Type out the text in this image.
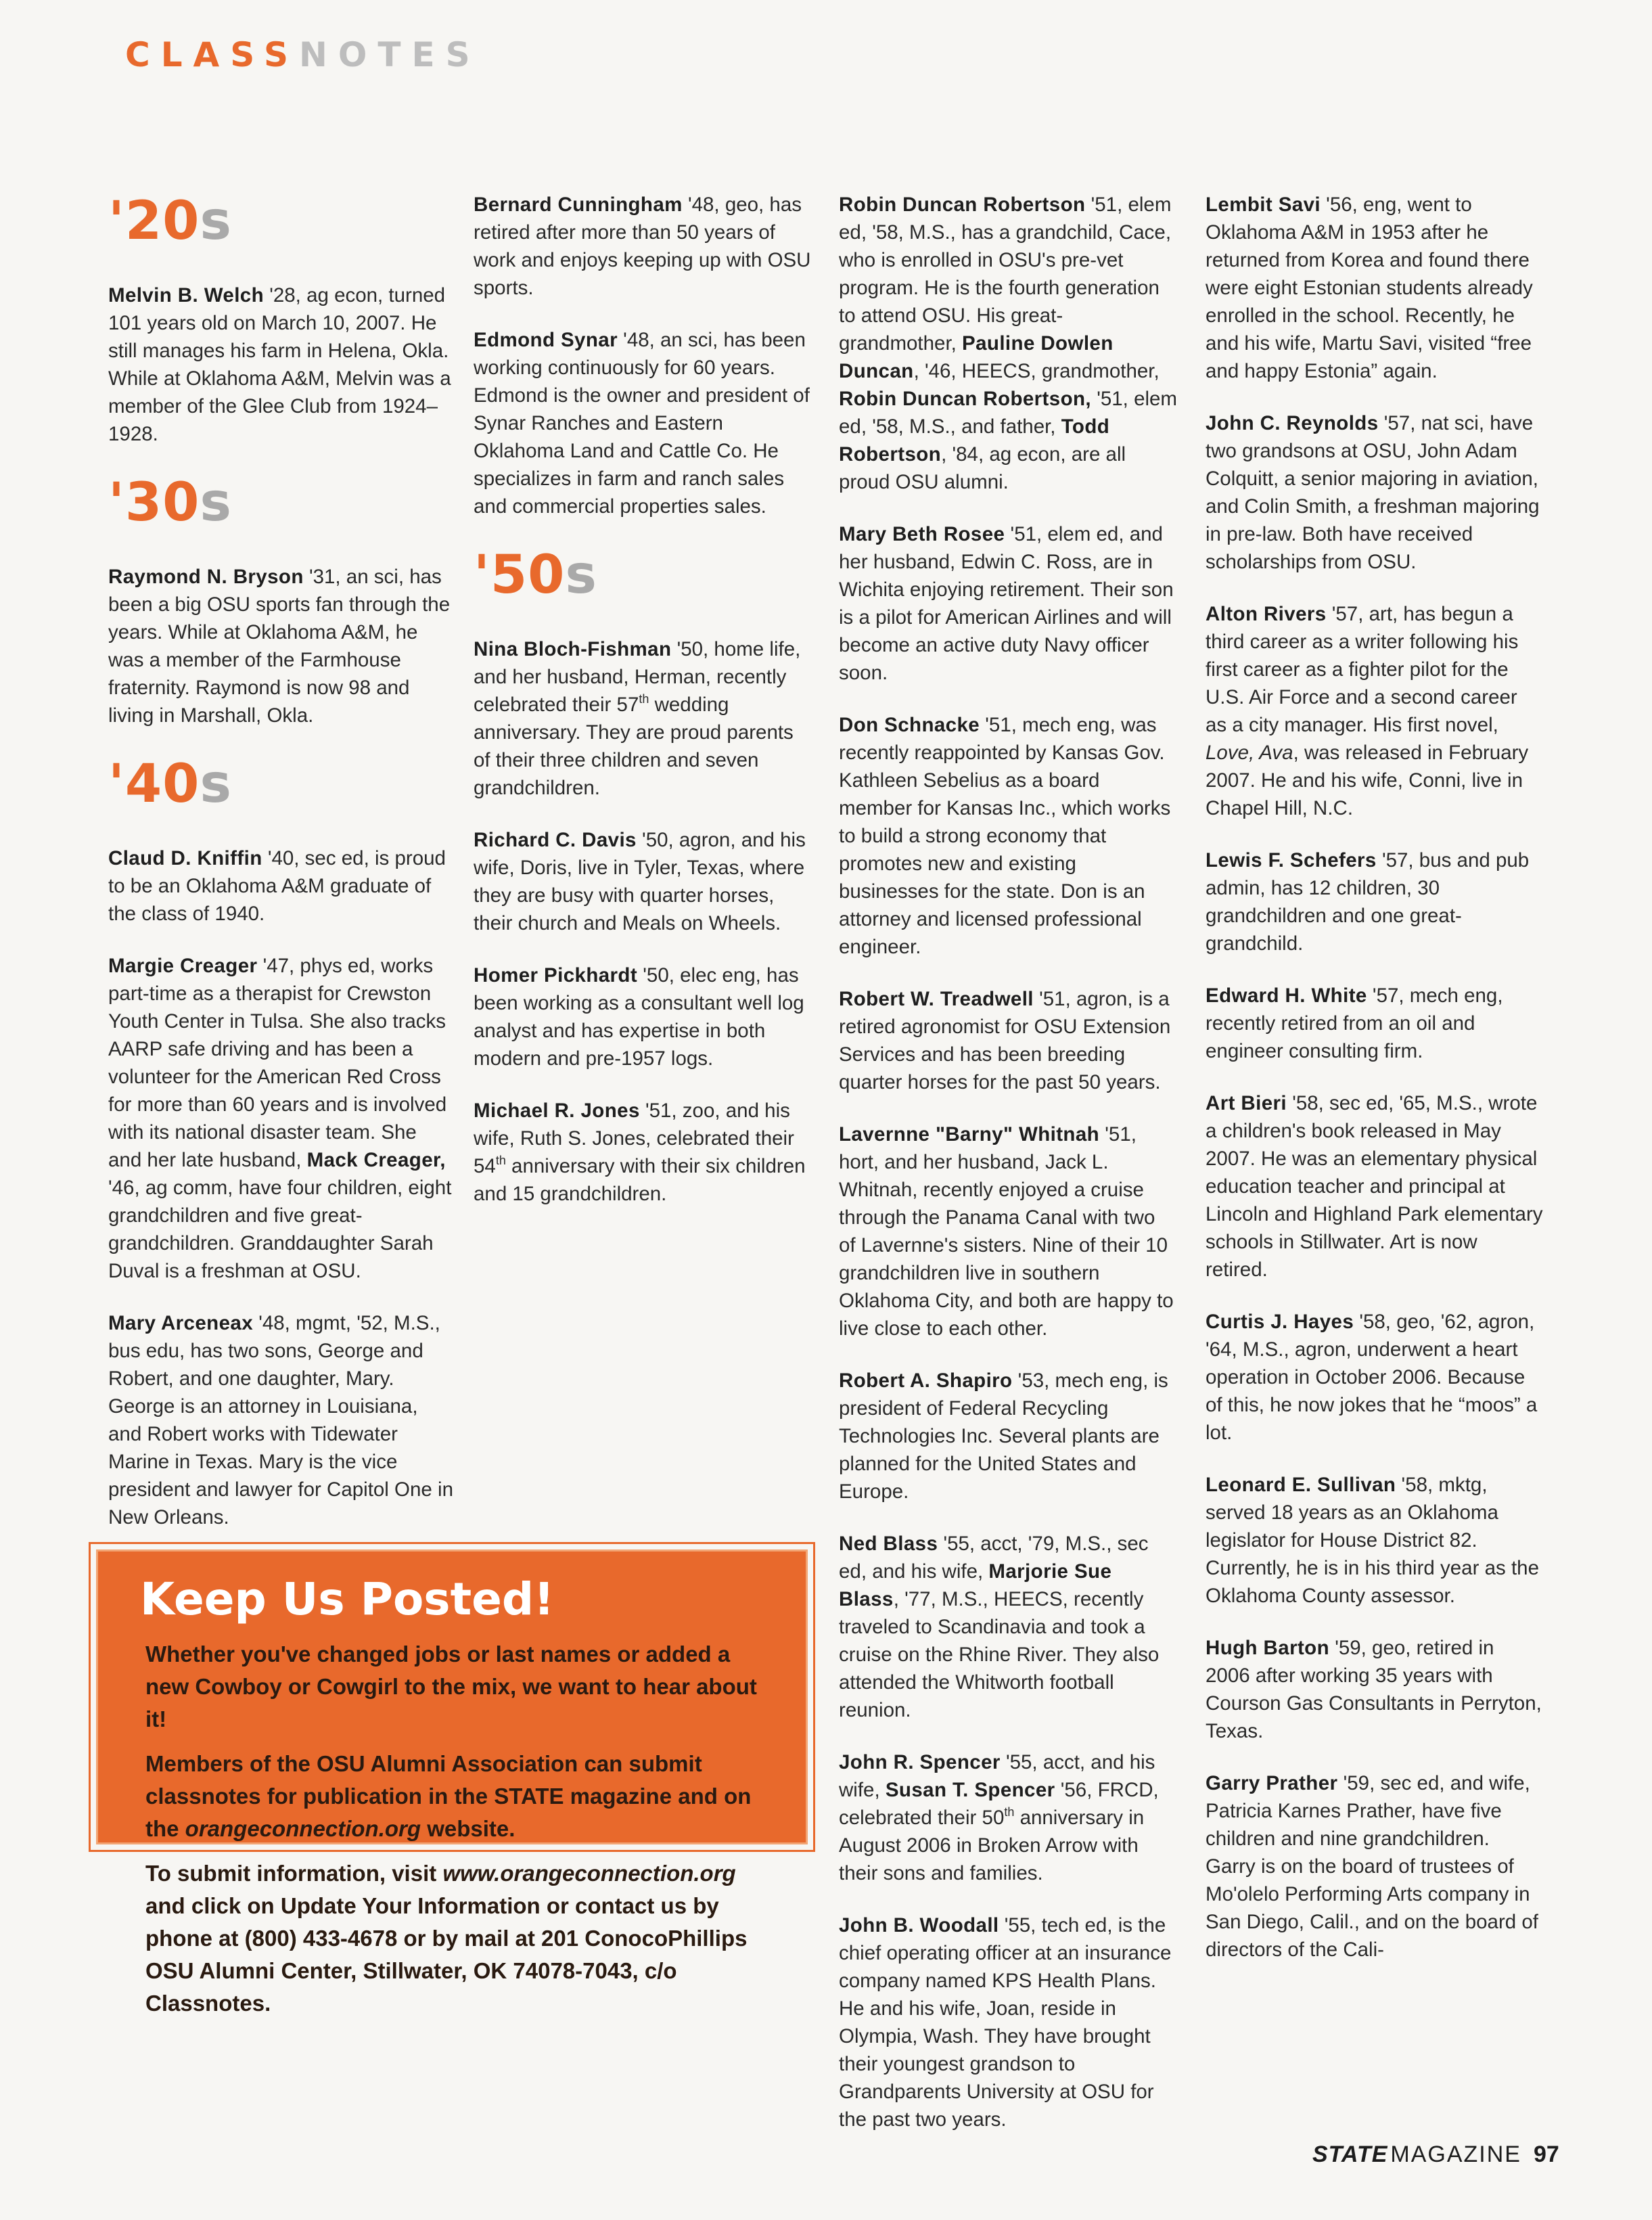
CLASSNOTES
'20s

Melvin B. Welch '28, ag econ, turned 101 years old on March 10, 2007. He still manages his farm in Helena, Okla. While at Oklahoma A&M, Melvin was a member of the Glee Club from 1924–1928.

'30s

Raymond N. Bryson '31, an sci, has been a big OSU sports fan through the years. While at Oklahoma A&M, he was a member of the Farmhouse fraternity. Raymond is now 98 and living in Marshall, Okla.

'40s

Claud D. Kniffin '40, sec ed, is proud to be an Oklahoma A&M graduate of the class of 1940.

Margie Creager '47, phys ed, works part-time as a therapist for Crewston Youth Center in Tulsa. She also tracks AARP safe driving and has been a volunteer for the American Red Cross for more than 60 years and is involved with its national disaster team. She and her late husband, Mack Creager, '46, ag comm, have four children, eight grandchildren and five great-grandchildren. Granddaughter Sarah Duval is a freshman at OSU.

Mary Arceneax '48, mgmt, '52, M.S., bus edu, has two sons, George and Robert, and one daughter, Mary. George is an attorney in Louisiana, and Robert works with Tidewater Marine in Texas. Mary is the vice president and lawyer for Capitol One in New Orleans.

Bernard Cunningham '48, geo, has retired after more than 50 years of work and enjoys keeping up with OSU sports.

Edmond Synar '48, an sci, has been working continuously for 60 years. Edmond is the owner and president of Synar Ranches and Eastern Oklahoma Land and Cattle Co. He specializes in farm and ranch sales and commercial properties sales.

'50s

Nina Bloch-Fishman '50, home life, and her husband, Herman, recently celebrated their 57th wedding anniversary. They are proud parents of their three children and seven grandchildren.

Richard C. Davis '50, agron, and his wife, Doris, live in Tyler, Texas, where they are busy with quarter horses, their church and Meals on Wheels.

Homer Pickhardt '50, elec eng, has been working as a consultant well log analyst and has expertise in both modern and pre-1957 logs.

Michael R. Jones '51, zoo, and his wife, Ruth S. Jones, celebrated their 54th anniversary with their six children and 15 grandchildren.

Robin Duncan Robertson '51, elem ed, '58, M.S., has a grandchild, Cace, who is enrolled in OSU's pre-vet program. He is the fourth generation to attend OSU. His great-grandmother, Pauline Dowlen Duncan, '46, HEECS, grandmother, Robin Duncan Robertson, '51, elem ed, '58, M.S., and father, Todd Robertson, '84, ag econ, are all proud OSU alumni.

Mary Beth Rosee '51, elem ed, and her husband, Edwin C. Ross, are in Wichita enjoying retirement. Their son is a pilot for American Airlines and will become an active duty Navy officer soon.

Don Schnacke '51, mech eng, was recently reappointed by Kansas Gov. Kathleen Sebelius as a board member for Kansas Inc., which works to build a strong economy that promotes new and existing businesses for the state. Don is an attorney and licensed professional engineer.

Robert W. Treadwell '51, agron, is a retired agronomist for OSU Extension Services and has been breeding quarter horses for the past 50 years.

Lavernne "Barny" Whitnah '51, hort, and her husband, Jack L. Whitnah, recently enjoyed a cruise through the Panama Canal with two of Lavernne's sisters. Nine of their 10 grandchildren live in southern Oklahoma City, and both are happy to live close to each other.

Robert A. Shapiro '53, mech eng, is president of Federal Recycling Technologies Inc. Several plants are planned for the United States and Europe.

Ned Blass '55, acct, '79, M.S., sec ed, and his wife, Marjorie Sue Blass, '77, M.S., HEECS, recently traveled to Scandinavia and took a cruise on the Rhine River. They also attended the Whitworth football reunion.

John R. Spencer '55, acct, and his wife, Susan T. Spencer '56, FRCD, celebrated their 50th anniversary in August 2006 in Broken Arrow with their sons and families.

John B. Woodall '55, tech ed, is the chief operating officer at an insurance company named KPS Health Plans. He and his wife, Joan, reside in Olympia, Wash. They have brought their youngest grandson to Grandparents University at OSU for the past two years.

Lembit Savi '56, eng, went to Oklahoma A&M in 1953 after he returned from Korea and found there were eight Estonian students already enrolled in the school. Recently, he and his wife, Martu Savi, visited “free and happy Estonia” again.

John C. Reynolds '57, nat sci, have two grandsons at OSU, John Adam Colquitt, a senior majoring in aviation, and Colin Smith, a freshman majoring in pre-law. Both have received scholarships from OSU.

Alton Rivers '57, art, has begun a third career as a writer following his first career as a fighter pilot for the U.S. Air Force and a second career as a city manager. His first novel, Love, Ava, was released in February 2007. He and his wife, Conni, live in Chapel Hill, N.C.

Lewis F. Schefers '57, bus and pub admin, has 12 children, 30 grandchildren and one great-grandchild.

Edward H. White '57, mech eng, recently retired from an oil and engineer consulting firm.

Art Bieri '58, sec ed, '65, M.S., wrote a children's book released in May 2007. He was an elementary physical education teacher and principal at Lincoln and Highland Park elementary schools in Stillwater. Art is now retired.

Curtis J. Hayes '58, geo, '62, agron, '64, M.S., agron, underwent a heart operation in October 2006. Because of this, he now jokes that he “moos” a lot.

Leonard E. Sullivan '58, mktg, served 18 years as an Oklahoma legislator for House District 82. Currently, he is in his third year as the Oklahoma County assessor.

Hugh Barton '59, geo, retired in 2006 after working 35 years with Courson Gas Consultants in Perryton, Texas.

Garry Prather '59, sec ed, and wife, Patricia Karnes Prather, have five children and nine grandchildren. Garry is on the board of trustees of Mo'olelo Performing Arts company in San Diego, Calil., and on the board of directors of the Cali-

Keep Us Posted!

Whether you've changed jobs or last names or added a new Cowboy or Cowgirl to the mix, we want to hear about it!

Members of the OSU Alumni Association can submit classnotes for publication in the STATE magazine and on the orangeconnection.org website.

To submit information, visit www.orangeconnection.org and click on Update Your Information or contact us by phone at (800) 433-4678 or by mail at 201 ConocoPhillips OSU Alumni Center, Stillwater, OK 74078-7043, c/o Classnotes.

STATE MAGAZINE 97
